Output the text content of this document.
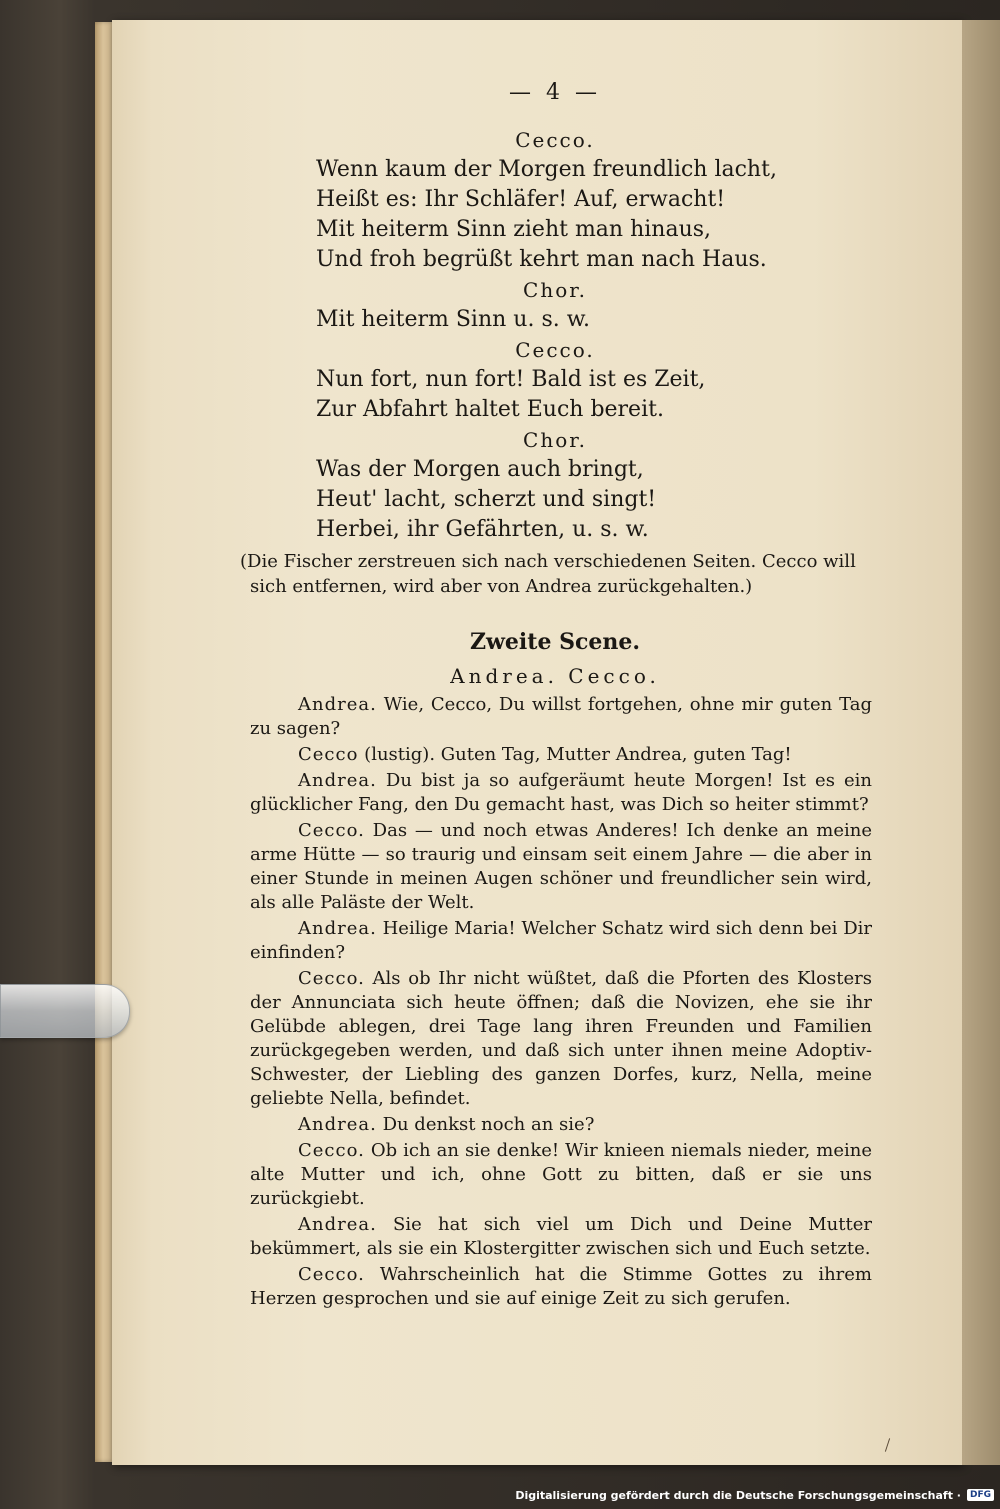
— 4 —
Cecco.
Wenn kaum der Morgen freundlich lacht,
Heißt es: Ihr Schläfer! Auf, erwacht!
Mit heiterm Sinn zieht man hinaus,
Und froh begrüßt kehrt man nach Haus.
Chor.
Mit heiterm Sinn u. s. w.
Cecco.
Nun fort, nun fort! Bald ist es Zeit,
Zur Abfahrt haltet Euch bereit.
Chor.
Was der Morgen auch bringt,
Heut' lacht, scherzt und singt!
Herbei, ihr Gefährten, u. s. w.
(Die Fischer zerstreuen sich nach verschiedenen Seiten. Cecco will sich entfernen, wird aber von Andrea zurückgehalten.)
Zweite Scene.
Andrea. Cecco.

Andrea. Wie, Cecco, Du willst fortgehen, ohne mir guten Tag zu sagen?

Cecco (lustig). Guten Tag, Mutter Andrea, guten Tag!

Andrea. Du bist ja so aufgeräumt heute Morgen! Ist es ein glücklicher Fang, den Du gemacht hast, was Dich so heiter stimmt?

Cecco. Das — und noch etwas Anderes! Ich denke an meine arme Hütte — so traurig und einsam seit einem Jahre — die aber in einer Stunde in meinen Augen schöner und freundlicher sein wird, als alle Paläste der Welt.

Andrea. Heilige Maria! Welcher Schatz wird sich denn bei Dir einfinden?

Cecco. Als ob Ihr nicht wüßtet, daß die Pforten des Klosters der Annunciata sich heute öffnen; daß die Novizen, ehe sie ihr Gelübde ablegen, drei Tage lang ihren Freunden und Familien zurückgegeben werden, und daß sich unter ihnen meine Adoptiv-Schwester, der Liebling des ganzen Dorfes, kurz, Nella, meine geliebte Nella, befindet.

Andrea. Du denkst noch an sie?

Cecco. Ob ich an sie denke! Wir knieen niemals nieder, meine alte Mutter und ich, ohne Gott zu bitten, daß er sie uns zurückgiebt.

Andrea. Sie hat sich viel um Dich und Deine Mutter bekümmert, als sie ein Klostergitter zwischen sich und Euch setzte.

Cecco. Wahrscheinlich hat die Stimme Gottes zu ihrem Herzen gesprochen und sie auf einige Zeit zu sich gerufen.

Digitalisierung gefördert durch die Deutsche Forschungsgemeinschaft ·	DFG
